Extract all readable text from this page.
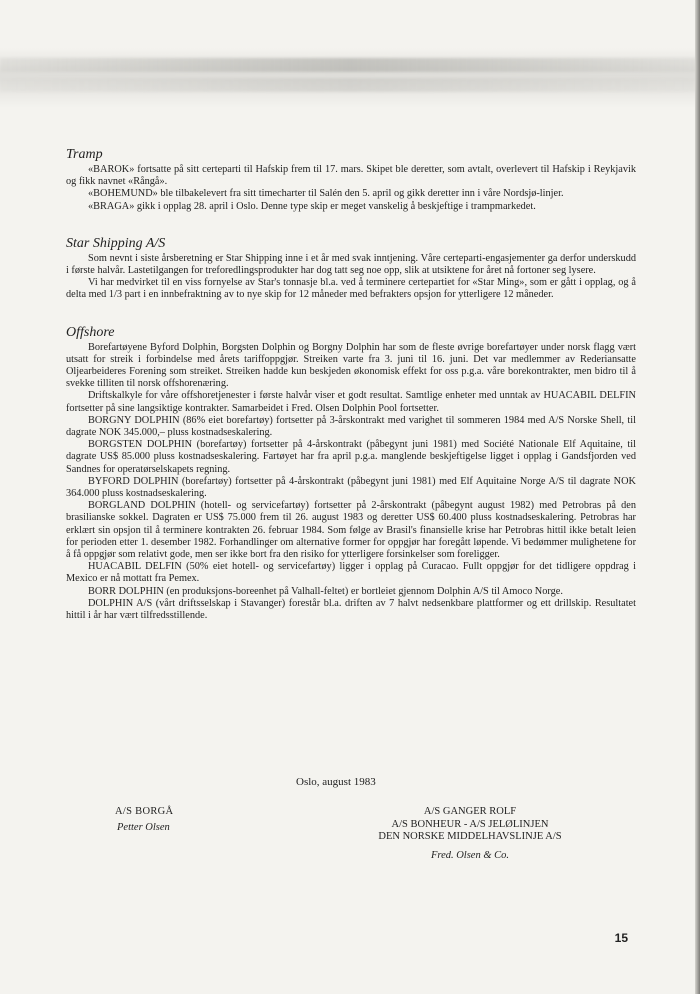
Tramp

«BAROK» fortsatte på sitt certeparti til Hafskip frem til 17. mars. Skipet ble deretter, som avtalt, overlevert til Hafskip i Reykjavik og fikk navnet «Rångå».

«BOHEMUND» ble tilbakelevert fra sitt timecharter til Salén den 5. april og gikk deretter inn i våre Nordsjø-linjer.

«BRAGA» gikk i opplag 28. april i Oslo. Denne type skip er meget vanskelig å beskjeftige i trampmarkedet.

Star Shipping A/S

Som nevnt i siste årsberetning er Star Shipping inne i et år med svak inntjening. Våre certeparti-engasjementer ga derfor underskudd i første halvår. Lastetilgangen for treforedlingsprodukter har dog tatt seg noe opp, slik at utsiktene for året nå fortoner seg lysere.

Vi har medvirket til en viss fornyelse av Star's tonnasje bl.a. ved å terminere certepartiet for «Star Ming», som er gått i opplag, og å delta med 1/3 part i en innbefraktning av to nye skip for 12 måneder med befrakters opsjon for ytterligere 12 måneder.

Offshore

Borefartøyene Byford Dolphin, Borgsten Dolphin og Borgny Dolphin har som de fleste øvrige borefartøyer under norsk flagg vært utsatt for streik i forbindelse med årets tariffoppgjør. Streiken varte fra 3. juni til 16. juni. Det var medlemmer av Rederiansatte Oljearbeideres Forening som streiket. Streiken hadde kun beskjeden økonomisk effekt for oss p.g.a. våre borekontrakter, men bidro til å svekke tilliten til norsk offshorenæring.

Driftskalkyle for våre offshoretjenester i første halvår viser et godt resultat. Samtlige enheter med unntak av HUACABIL DELFIN fortsetter på sine langsiktige kontrakter. Samarbeidet i Fred. Olsen Dolphin Pool fortsetter.

BORGNY DOLPHIN (86% eiet borefartøy) fortsetter på 3-årskontrakt med varighet til sommeren 1984 med A/S Norske Shell, til dagrate NOK 345.000,– pluss kostnadseskalering.

BORGSTEN DOLPHIN (borefartøy) fortsetter på 4-årskontrakt (påbegynt juni 1981) med Société Nationale Elf Aquitaine, til dagrate US$ 85.000 pluss kostnadseskalering. Fartøyet har fra april p.g.a. manglende beskjeftigelse ligget i opplag i Gandsfjorden ved Sandnes for operatørselskapets regning.

BYFORD DOLPHIN (borefartøy) fortsetter på 4-årskontrakt (påbegynt juni 1981) med Elf Aquitaine Norge A/S til dagrate NOK 364.000 pluss kostnadseskalering.

BORGLAND DOLPHIN (hotell- og servicefartøy) fortsetter på 2-årskontrakt (påbegynt august 1982) med Petrobras på den brasilianske sokkel. Dagraten er US$ 75.000 frem til 26. august 1983 og deretter US$ 60.400 pluss kostnadseskalering. Petrobras har erklært sin opsjon til å terminere kontrakten 26. februar 1984. Som følge av Brasil's finansielle krise har Petrobras hittil ikke betalt leien for perioden etter 1. desember 1982. Forhandlinger om alternative former for oppgjør har foregått løpende. Vi bedømmer mulighetene for å få oppgjør som relativt gode, men ser ikke bort fra den risiko for ytterligere forsinkelser som foreligger.

HUACABIL DELFIN (50% eiet hotell- og servicefartøy) ligger i opplag på Curacao. Fullt oppgjør for det tidligere oppdrag i Mexico er nå mottatt fra Pemex.

BORR DOLPHIN (en produksjons-boreenhet på Valhall-feltet) er bortleiet gjennom Dolphin A/S til Amoco Norge.

DOLPHIN A/S (vårt driftsselskap i Stavanger) forestår bl.a. driften av 7 halvt nedsenkbare plattformer og ett drillskip. Resultatet hittil i år har vært tilfredsstillende.

Oslo, august 1983
A/S BORGÅ
Petter Olsen
A/S GANGER ROLF
A/S BONHEUR - A/S JELØLINJEN
DEN NORSKE MIDDELHAVSLINJE A/S
Fred. Olsen & Co.
15
